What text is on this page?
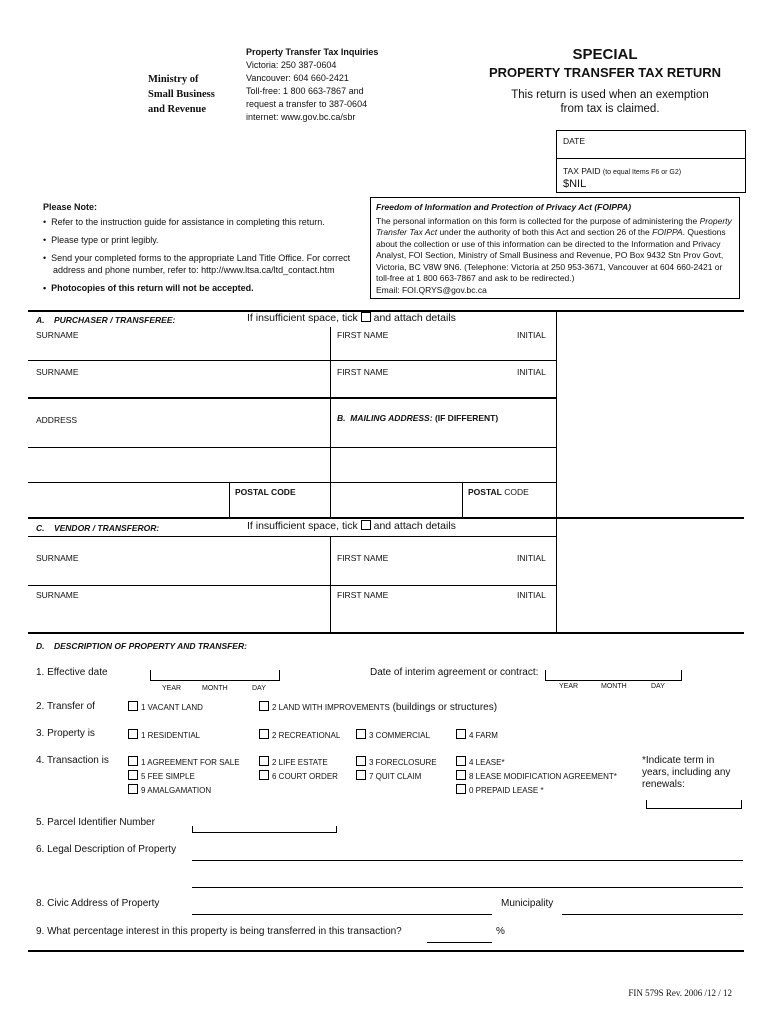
Ministry of
Small Business
and Revenue
Property Transfer Tax Inquiries
Victoria: 250 387-0604
Vancouver: 604 660-2421
Toll-free: 1 800 663-7867 and
request a transfer to 387-0604
internet: www.gov.bc.ca/sbr
SPECIAL
PROPERTY TRANSFER TAX RETURN
This return is used when an exemption
from tax is claimed.
DATE
TAX PAID (to equal Items F6 or G2)
$NIL
Please Note:
• Refer to the instruction guide for assistance in completing this return.
• Please type or print legibly.
• Send your completed forms to the appropriate Land Title Office. For correct address and phone number, refer to: http://www.ltsa.ca/ltd_contact.htm
• Photocopies of this return will not be accepted.
Freedom of Information and Protection of Privacy Act (FOIPPA)
The personal information on this form is collected for the purpose of administering the Property Transfer Tax Act under the authority of both this Act and section 26 of the FOIPPA. Questions about the collection or use of this information can be directed to the Information and Privacy Analyst, FOI Section, Ministry of Small Business and Revenue, PO Box 9432 Stn Prov Govt, Victoria, BC V8W 9N6. (Telephone: Victoria at 250 953-3671, Vancouver at 604 660-2421 or toll-free at 1 800 663-7867 and ask to be redirected.)
Email: FOI.QRYS@gov.bc.ca
A. PURCHASER / TRANSFEREE:	If insufficient space, tick and attach details
SURNAME	FIRST NAME	INITIAL
SURNAME	FIRST NAME	INITIAL
ADDRESS	B. MAILING ADDRESS: (IF DIFFERENT)
POSTAL CODE	POSTAL CODE
C. VENDOR / TRANSFEROR:	If insufficient space, tick and attach details
SURNAME	FIRST NAME	INITIAL
SURNAME	FIRST NAME	INITIAL
D. DESCRIPTION OF PROPERTY AND TRANSFER:
1. Effective date
YEAR	MONTH	DAY
Date of interim agreement or contract:
YEAR	MONTH	DAY
2. Transfer of	1 VACANT LAND	2 LAND WITH IMPROVEMENTS (buildings or structures)
3. Property is	1 RESIDENTIAL	2 RECREATIONAL	3 COMMERCIAL	4 FARM
4. Transaction is	1 AGREEMENT FOR SALE	2 LIFE ESTATE	3 FORECLOSURE	4 LEASE*
5 FEE SIMPLE	6 COURT ORDER	7 QUIT CLAIM	8 LEASE MODIFICATION AGREEMENT*
9 AMALGAMATION	0 PREPAID LEASE *
*Indicate term in years, including any renewals:
5. Parcel Identifier Number
6. Legal Description of Property
8. Civic Address of Property	Municipality
9. What percentage interest in this property is being transferred in this transaction?	%
FIN 579S Rev. 2006 /12 / 12
